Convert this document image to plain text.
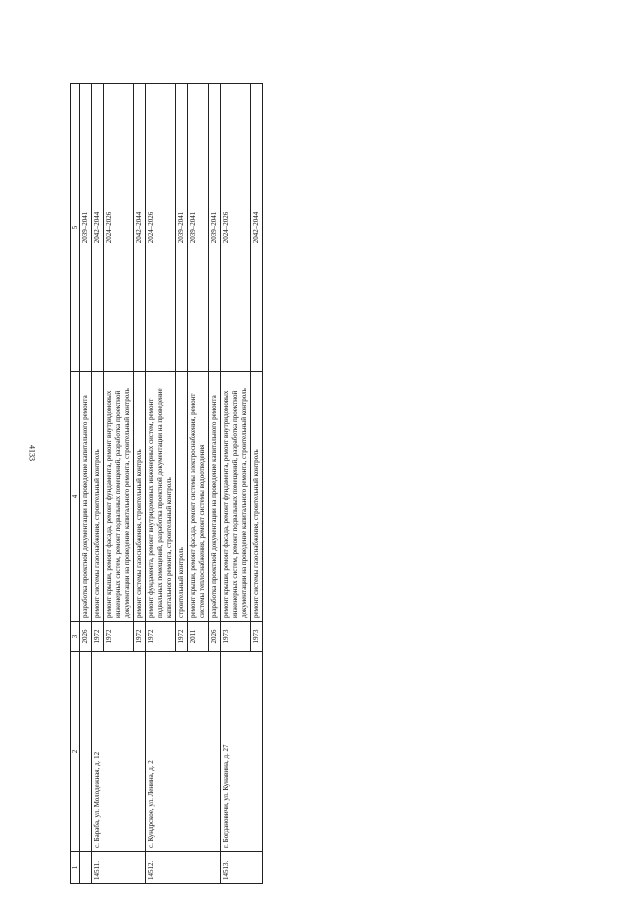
4133
1	2	3	4	5
		2026	разработка проектной документации на проведение капитального ремонта	2039–2041
14511.	с. Бараба, ул. Молодежная, д. 12	1972	ремонт системы газоснабжения, строительный контроль	2042–2044
		1972	ремонт крыши, ремонт фасада, ремонт фундамента, ремонт внутридомовых инженерных систем, ремонт подвальных помещений, разработка проектной документации на проведение капитального ремонта, строительный контроль	2024–2026
		1972	ремонт системы газоснабжения, строительный контроль	2042–2044
14512.	с. Кундрское, ул. Ленина, д. 2	1972	ремонт фундамента, ремонт внутридомовых инженерных систем, ремонт подвальных помещений, разработка проектной документации на проведение капитального ремонта, строительный контроль	2024–2026
		1972	строительный контроль	2039–2041
		2011	ремонт крыши, ремонт фасада, ремонт системы электроснабжения, ремонт системы теплоснабжения, ремонт системы водоотведения	2039–2041
		2026	разработка проектной документации на проведение капитального ремонта	2039–2041
14513.	г. Богдановичи, ул. Кунавина, д. 27	1973	ремонт крыши, ремонт фасада, ремонт фундамента, ремонт внутридомовых инженерных систем, ремонт подвальных помещений, разработка проектной документации на проведение капитального ремонта, строительный контроль	2024–2026
		1973	ремонт системы газоснабжения, строительный контроль	2042–2044
